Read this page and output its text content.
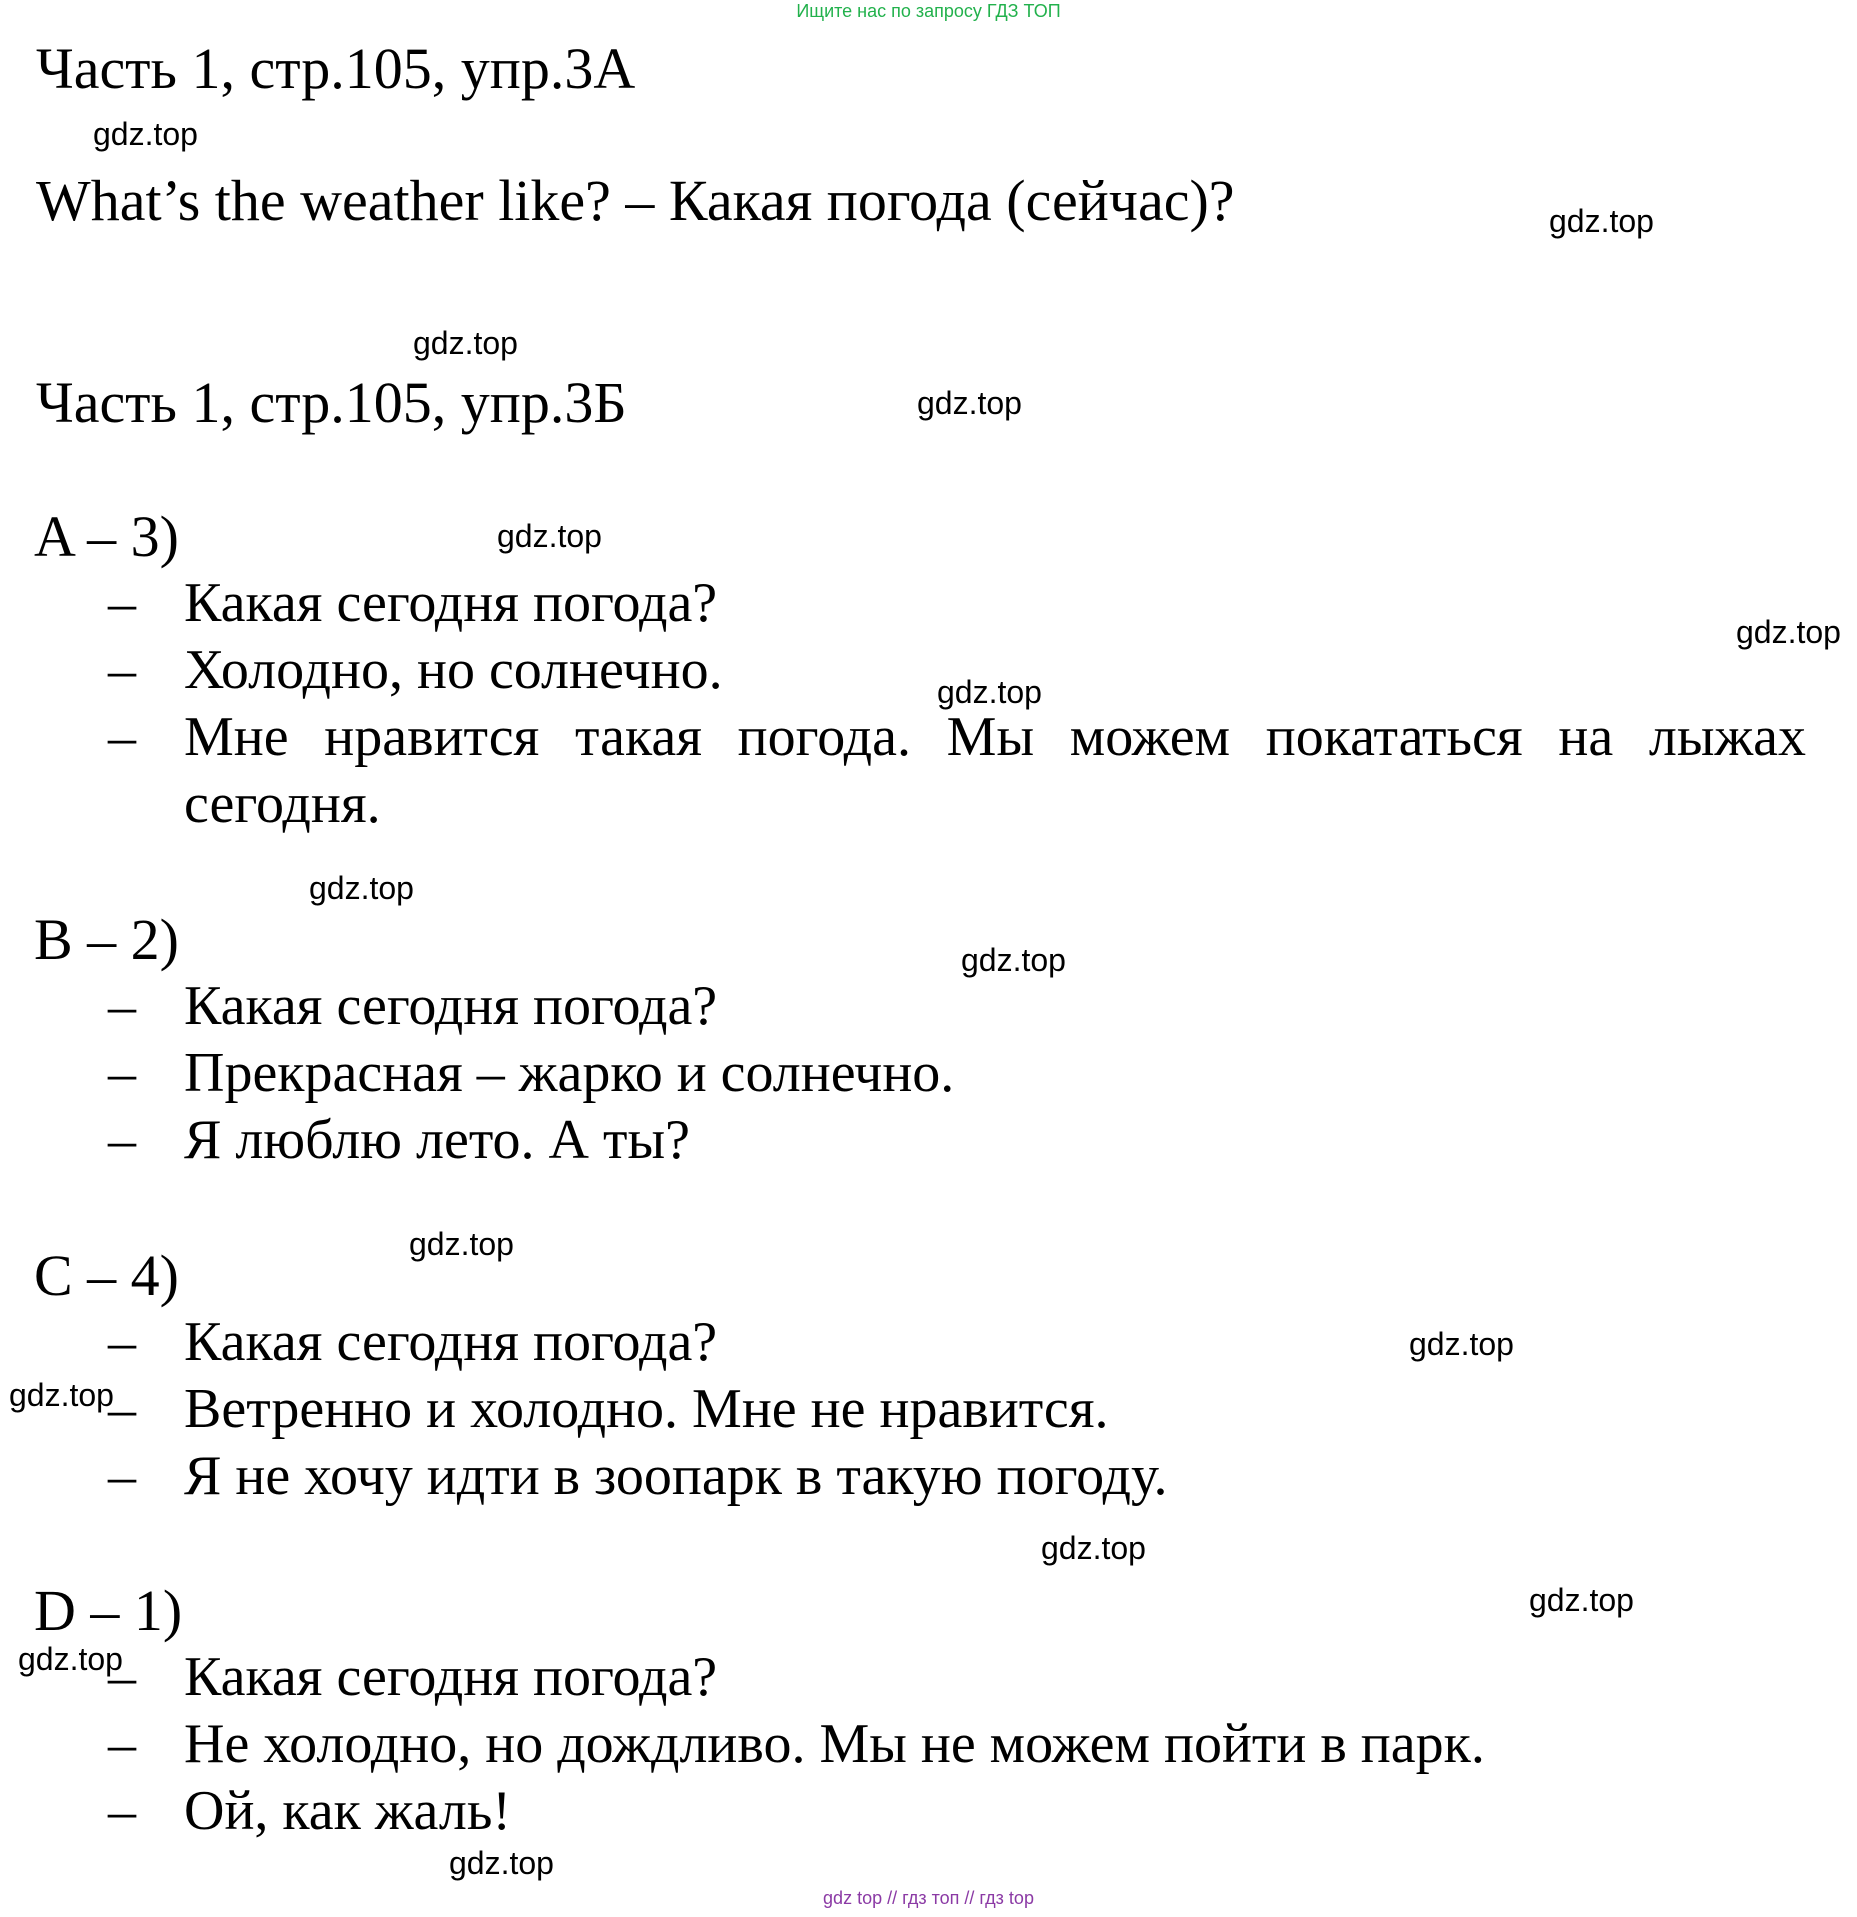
Ищите нас по запросу ГДЗ ТОП
Часть 1, стр.105, упр.3А
What’s the weather like? – Какая погода (сейчас)?
Часть 1, стр.105, упр.3Б
A – 3)
– Какая сегодня погода?
– Холодно, но солнечно.
– Мне нравится такая погода. Мы можем покататься на лыжах
сегодня.
B – 2)
– Какая сегодня погода?
– Прекрасная – жарко и солнечно.
– Я люблю лето. А ты?
C – 4)
– Какая сегодня погода?
– Ветренно и холодно. Мне не нравится.
– Я не хочу идти в зоопарк в такую погоду.
D – 1)
– Какая сегодня погода?
– Не холодно, но дождливо. Мы не можем пойти в парк.
– Ой, как жаль!
gdz.top
gdz.top
gdz.top
gdz.top
gdz.top
gdz.top
gdz.top
gdz.top
gdz.top
gdz.top
gdz.top
gdz.top
gdz.top
gdz.top
gdz.top
gdz.top
gdz top // гдз топ // гдз top
